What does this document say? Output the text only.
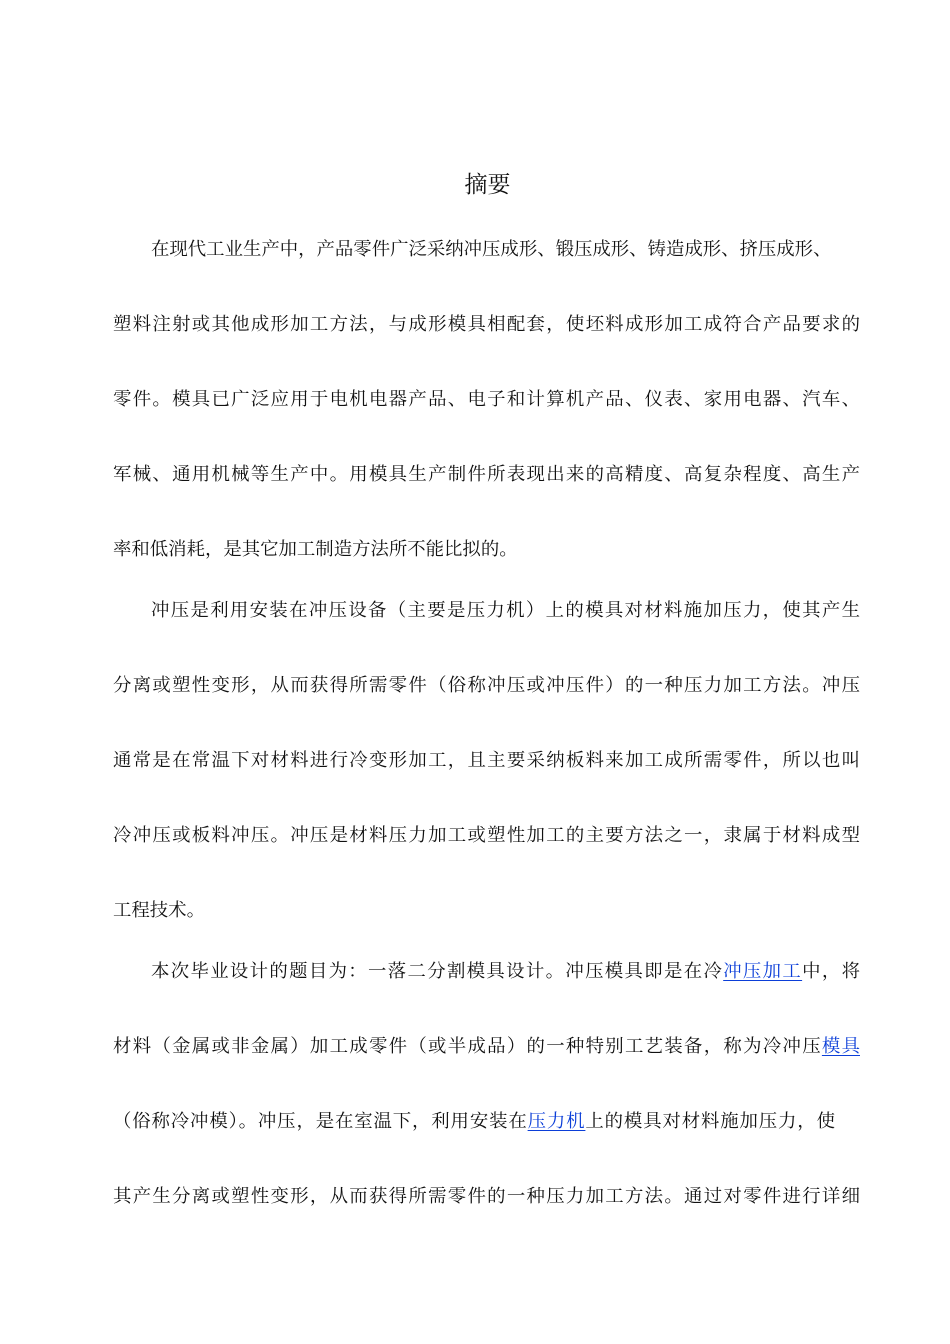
摘要

在现代工业生产中，产品零件广泛采纳冲压成形、锻压成形、铸造成形、挤压成形、

塑料注射或其他成形加工方法，与成形模具相配套，使坯料成形加工成符合产品要求的

零件。模具已广泛应用于电机电器产品、电子和计算机产品、仪表、家用电器、汽车、

军械、通用机械等生产中。用模具生产制件所表现出来的高精度、高复杂程度、高生产

率和低消耗，是其它加工制造方法所不能比拟的。

冲压是利用安装在冲压设备（主要是压力机）上的模具对材料施加压力，使其产生

分离或塑性变形，从而获得所需零件（俗称冲压或冲压件）的一种压力加工方法。冲压

通常是在常温下对材料进行冷变形加工，且主要采纳板料来加工成所需零件，所以也叫

冷冲压或板料冲压。冲压是材料压力加工或塑性加工的主要方法之一，隶属于材料成型

工程技术。

本次毕业设计的题目为：一落二分割模具设计。冲压模具即是在冷冲压加工中，将

材料（金属或非金属）加工成零件（或半成品）的一种特别工艺装备，称为冷冲压模具

（俗称冷冲模）。冲压，是在室温下，利用安装在压力机上的模具对材料施加压力，使

其产生分离或塑性变形，从而获得所需零件的一种压力加工方法。通过对零件进行详细
